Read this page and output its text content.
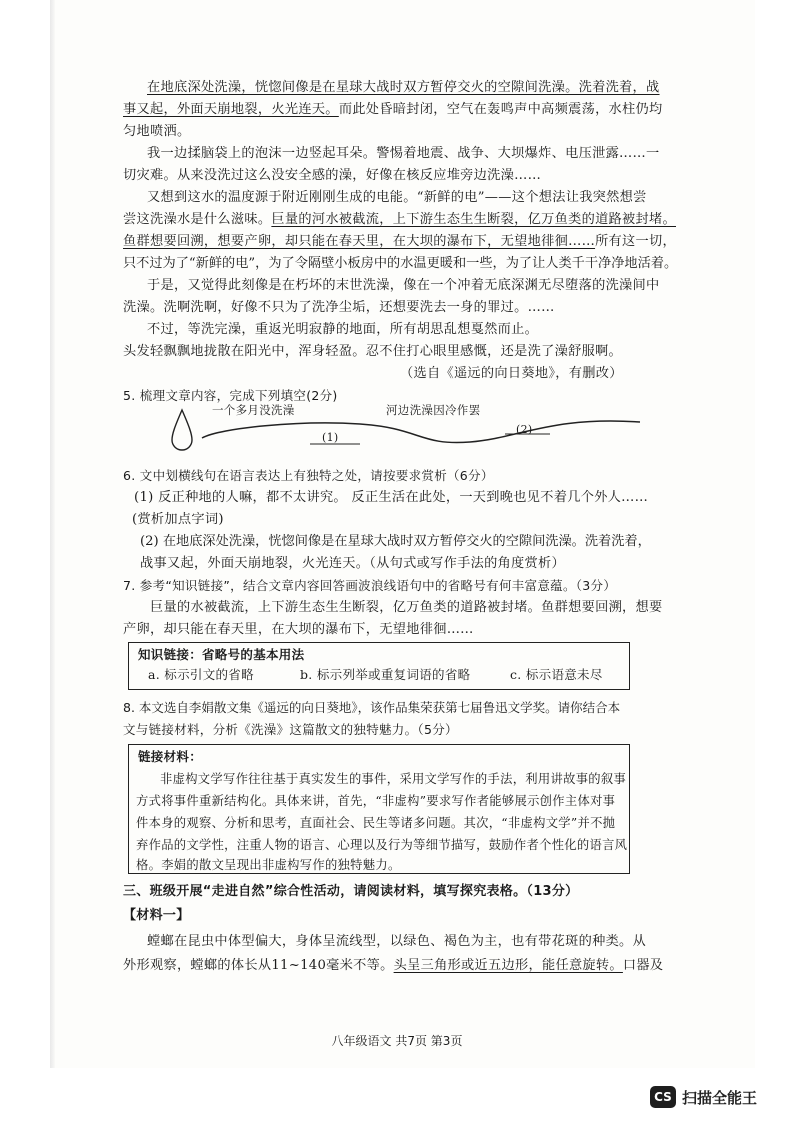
在地底深处洗澡，恍惚间像是在星球大战时双方暂停交火的空隙间洗澡。洗着洗着，战
事又起，外面天崩地裂，火光连天。而此处昏暗封闭，空气在轰鸣声中高频震荡，水柱仍均
匀地喷洒。
我一边揉脑袋上的泡沫一边竖起耳朵。警惕着地震、战争、大坝爆炸、电压泄露……一
切灾难。从来没洗过这么没安全感的澡，好像在核反应堆旁边洗澡……
又想到这水的温度源于附近刚刚生成的电能。“新鲜的电”——这个想法让我突然想尝
尝这洗澡水是什么滋味。巨量的河水被截流，上下游生态生生断裂，亿万鱼类的道路被封堵。
鱼群想要回溯，想要产卵，却只能在春天里，在大坝的瀑布下，无望地徘徊……所有这一切，
只不过为了“新鲜的电”，为了令隔壁小板房中的水温更暖和一些，为了让人类千干净净地活着。
于是，又觉得此刻像是在朽坏的末世洗澡，像在一个冲着无底深渊无尽堕落的洗澡间中
洗澡。洗啊洗啊，好像不只为了洗净尘垢，还想要洗去一身的罪过。……
不过，等洗完澡，重返光明寂静的地面，所有胡思乱想戛然而止。
头发轻飘飘地拢散在阳光中，浑身轻盈。忍不住打心眼里感慨，还是洗了澡舒服啊。
（选自《遥远的向日葵地》，有删改）
5. 梳理文章内容，完成下列填空(2分)
一个多月没洗澡	河边洗澡因冷作罢
(1)
(2)
6. 文中划横线句在语言表达上有独特之处，请按要求赏析（6分）
(1) 反正种地的人嘛，都不太讲究。 反正生活在此处，一天到晚也见不着几个外人……
(赏析加点字词)
(2) 在地底深处洗澡，恍惚间像是在星球大战时双方暂停交火的空隙间洗澡。洗着洗着，
战事又起，外面天崩地裂，火光连天。（从句式或写作手法的角度赏析）
7. 参考“知识链接”，结合文章内容回答画波浪线语句中的省略号有何丰富意蕴。（3分）
巨量的水被截流，上下游生态生生断裂，亿万鱼类的道路被封堵。鱼群想要回溯，想要
产卵，却只能在春天里，在大坝的瀑布下，无望地徘徊……
知识链接：省略号的基本用法
a. 标示引文的省略	b. 标示列举或重复词语的省略	c. 标示语意未尽
8. 本文选自李娟散文集《遥远的向日葵地》，该作品集荣获第七届鲁迅文学奖。请你结合本
文与链接材料，分析《洗澡》这篇散文的独特魅力。（5分）
链接材料：
非虚构文学写作往往基于真实发生的事件，采用文学写作的手法，利用讲故事的叙事
方式将事件重新结构化。具体来讲，首先，“非虚构”要求写作者能够展示创作主体对事
件本身的观察、分析和思考，直面社会、民生等诸多问题。其次，“非虚构文学”并不抛
弃作品的文学性，注重人物的语言、心理以及行为等细节描写，鼓励作者个性化的语言风
格。李娟的散文呈现出非虚构写作的独特魅力。
三、班级开展“走进自然”综合性活动，请阅读材料，填写探究表格。（13分）
【材料一】
螳螂在昆虫中体型偏大，身体呈流线型，以绿色、褐色为主，也有带花斑的种类。从
外形观察，螳螂的体长从11~140毫米不等。头呈三角形或近五边形，能任意旋转。口器及
八年级语文 共7页 第3页
CS 扫描全能王
